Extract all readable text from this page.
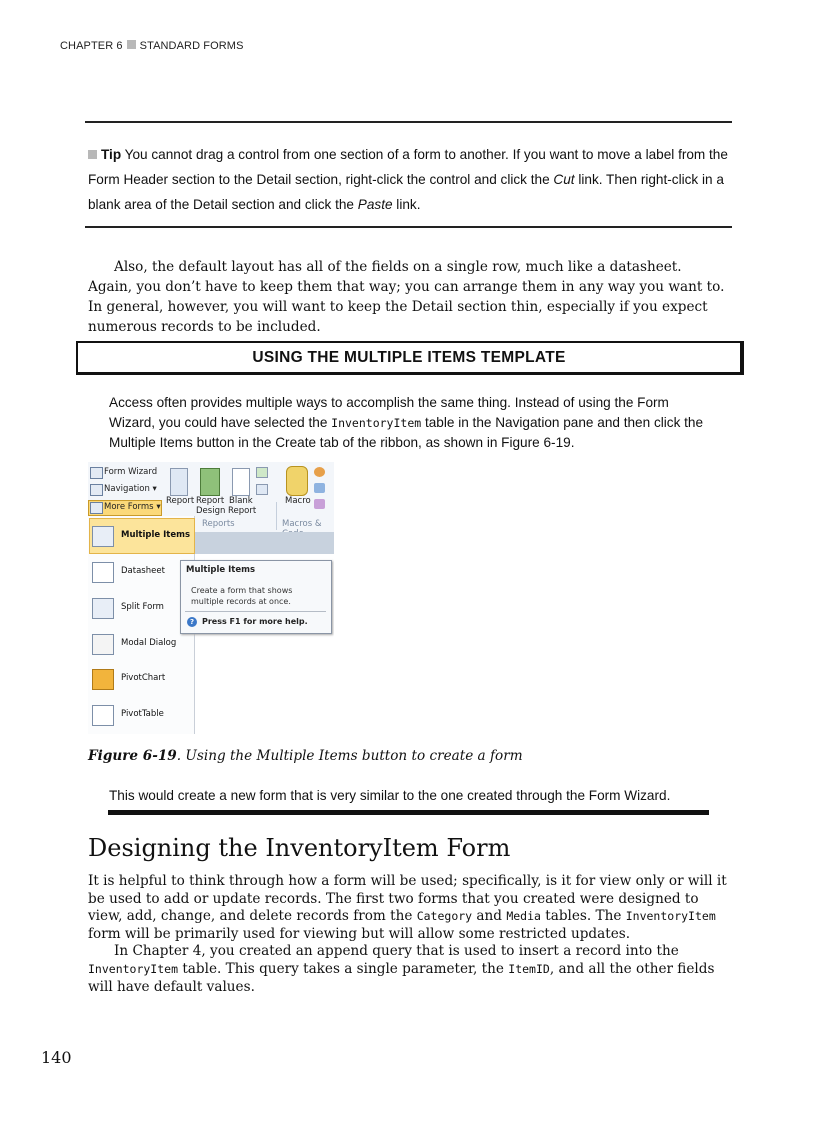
CHAPTER 6 STANDARD FORMS
Tip You cannot drag a control from one section of a form to another. If you want to move a label from the Form Header section to the Detail section, right-click the control and click the Cut link. Then right-click in a blank area of the Detail section and click the Paste link.
Also, the default layout has all of the fields on a single row, much like a datasheet. Again, you don’t have to keep them that way; you can arrange them in any way you want to. In general, however, you will want to keep the Detail section thin, especially if you expect numerous records to be included.
USING THE MULTIPLE ITEMS TEMPLATE
Access often provides multiple ways to accomplish the same thing. Instead of using the Form Wizard, you could have selected the InventoryItem table in the Navigation pane and then click the Multiple Items button in the Create tab of the ribbon, as shown in Figure 6-19.
Form Wizard
Navigation ▾
More Forms ▾
Report Report
Design
Blank
Report
Reports
Macro
Macros &
Multiple Items
Datasheet
Split Form
Modal Dialog
PivotChart
PivotTable
Multiple Items
Create a form that shows multiple records at once.
? Press F1 for more help.
Figure 6-19. Using the Multiple Items button to create a form
This would create a new form that is very similar to the one created through the Form Wizard.
Designing the InventoryItem Form
It is helpful to think through how a form will be used; specifically, is it for view only or will it be used to add or update records. The first two forms that you created were designed to view, add, change, and delete records from the Category and Media tables. The InventoryItem form will be primarily used for viewing but will allow some restricted updates.
In Chapter 4, you created an append query that is used to insert a record into the InventoryItem table. This query takes a single parameter, the ItemID, and all the other fields will have default values.
140
